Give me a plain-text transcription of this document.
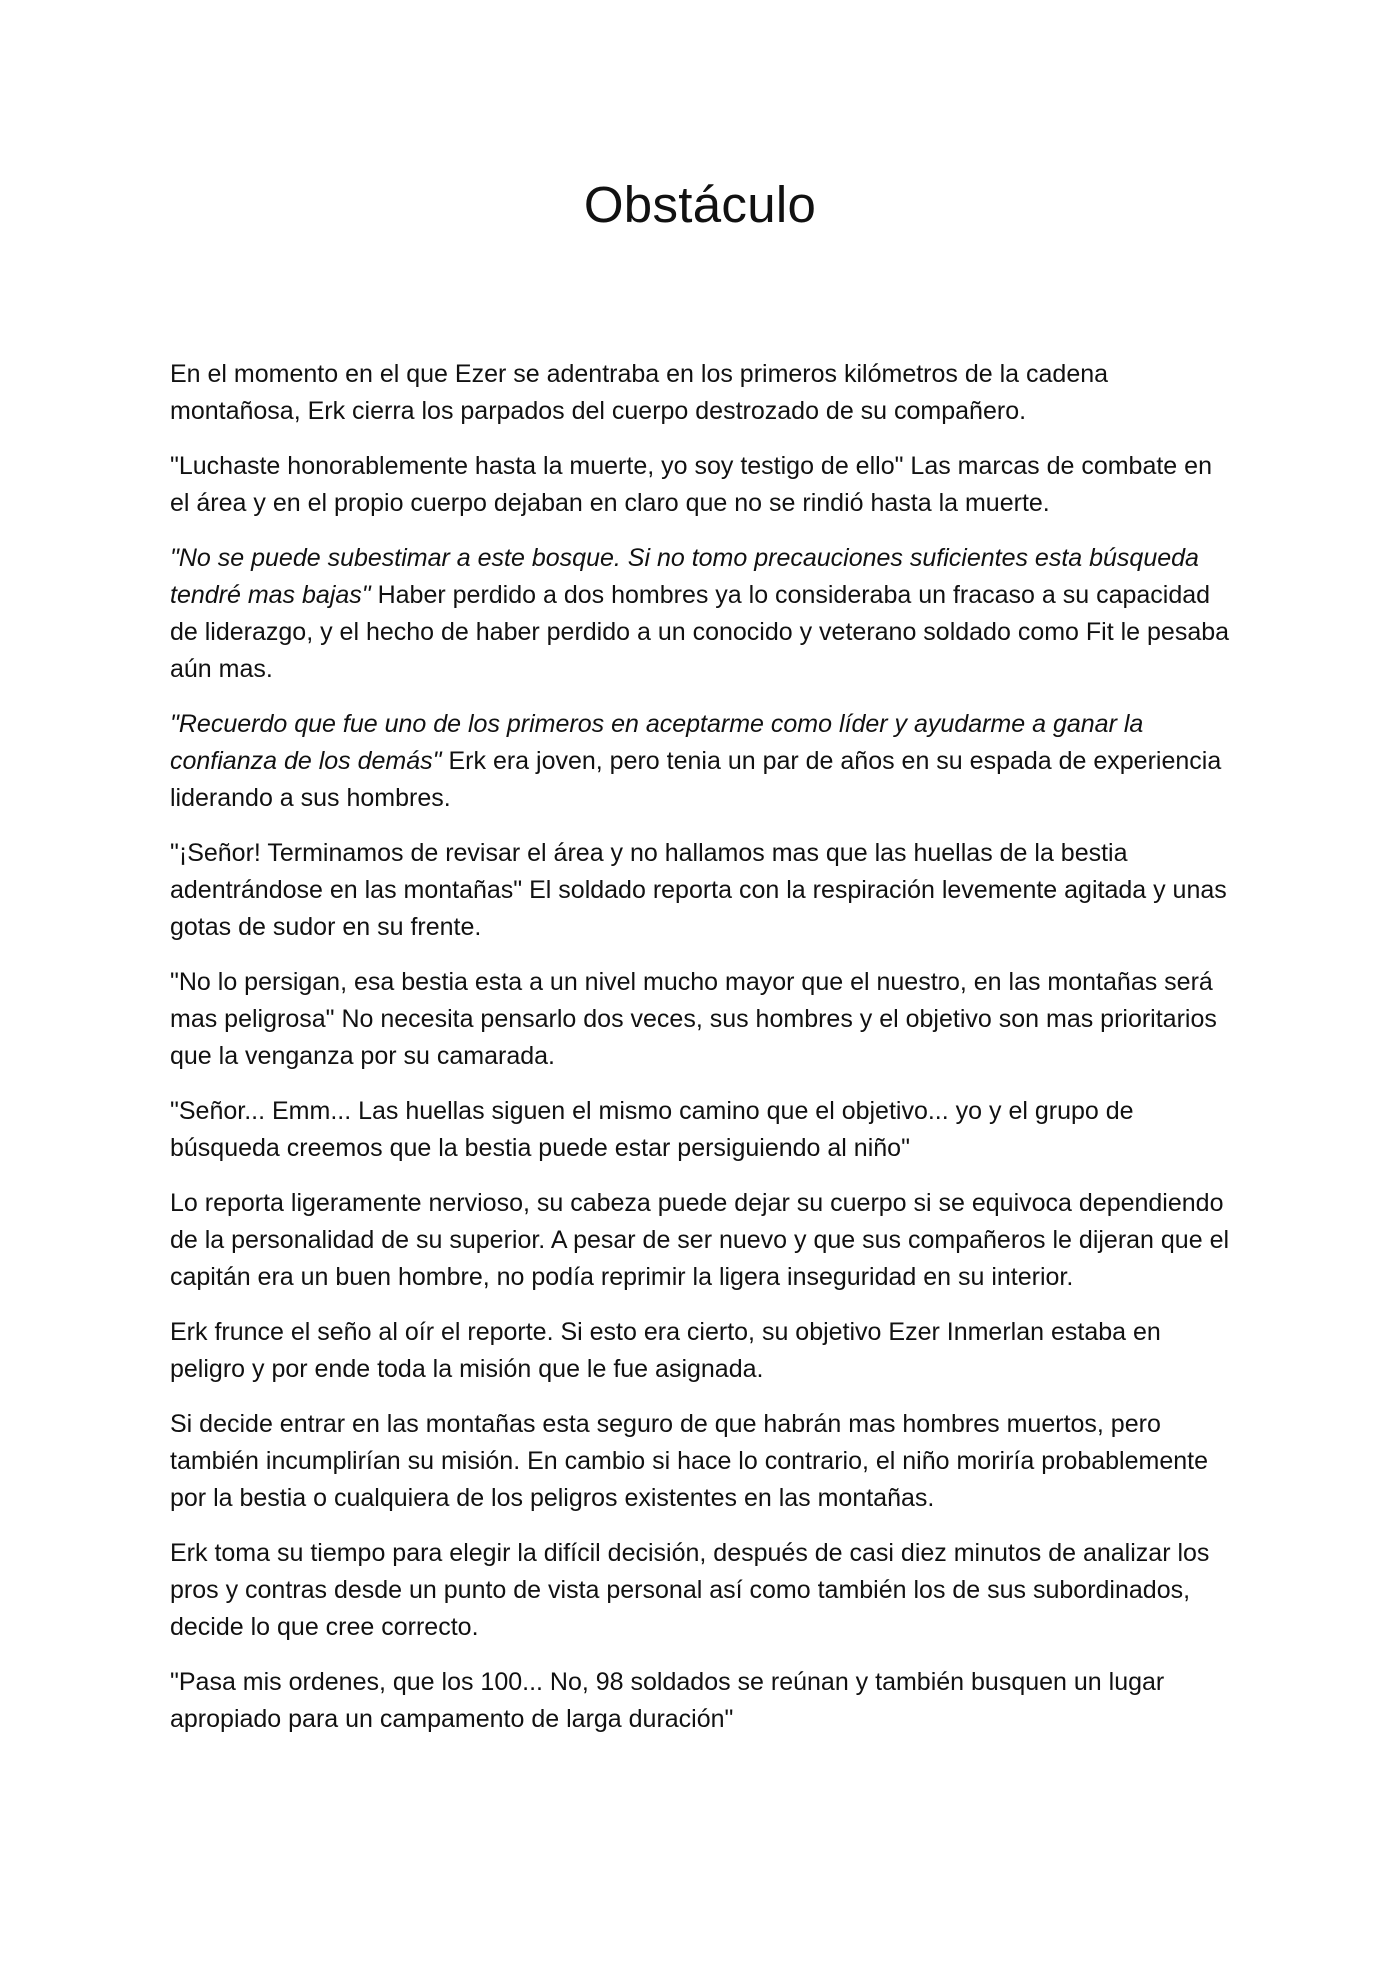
Obstáculo

En el momento en el que Ezer se adentraba en los primeros kilómetros de la cadena montañosa, Erk cierra los parpados del cuerpo destrozado de su compañero.

"Luchaste honorablemente hasta la muerte, yo soy testigo de ello" Las marcas de combate en el área y en el propio cuerpo dejaban en claro que no se rindió hasta la muerte.

"No se puede subestimar a este bosque. Si no tomo precauciones suficientes esta búsqueda tendré mas bajas" Haber perdido a dos hombres ya lo consideraba un fracaso a su capacidad de liderazgo, y el hecho de haber perdido a un conocido y veterano soldado como Fit le pesaba aún mas.

"Recuerdo que fue uno de los primeros en aceptarme como líder y ayudarme a ganar la confianza de los demás" Erk era joven, pero tenia un par de años en su espada de experiencia liderando a sus hombres.

"¡Señor! Terminamos de revisar el área y no hallamos mas que las huellas de la bestia adentrándose en las montañas" El soldado reporta con la respiración levemente agitada y unas gotas de sudor en su frente.

"No lo persigan, esa bestia esta a un nivel mucho mayor que el nuestro, en las montañas será mas peligrosa" No necesita pensarlo dos veces, sus hombres y el objetivo son mas prioritarios que la venganza por su camarada.

"Señor... Emm... Las huellas siguen el mismo camino que el objetivo... yo y el grupo de búsqueda creemos que la bestia puede estar persiguiendo al niño"

Lo reporta ligeramente nervioso, su cabeza puede dejar su cuerpo si se equivoca dependiendo de la personalidad de su superior. A pesar de ser nuevo y que sus compañeros le dijeran que el capitán era un buen hombre, no podía reprimir la ligera inseguridad en su interior.

Erk frunce el seño al oír el reporte. Si esto era cierto, su objetivo Ezer Inmerlan estaba en peligro y por ende toda la misión que le fue asignada.

Si decide entrar en las montañas esta seguro de que habrán mas hombres muertos, pero también incumplirían su misión. En cambio si hace lo contrario, el niño moriría probablemente por la bestia o cualquiera de los peligros existentes en las montañas.

Erk toma su tiempo para elegir la difícil decisión, después de casi diez minutos de analizar los pros y contras desde un punto de vista personal así como también los de sus subordinados, decide lo que cree correcto.

"Pasa mis ordenes, que los 100... No, 98 soldados se reúnan y también busquen un lugar apropiado para un campamento de larga duración"
